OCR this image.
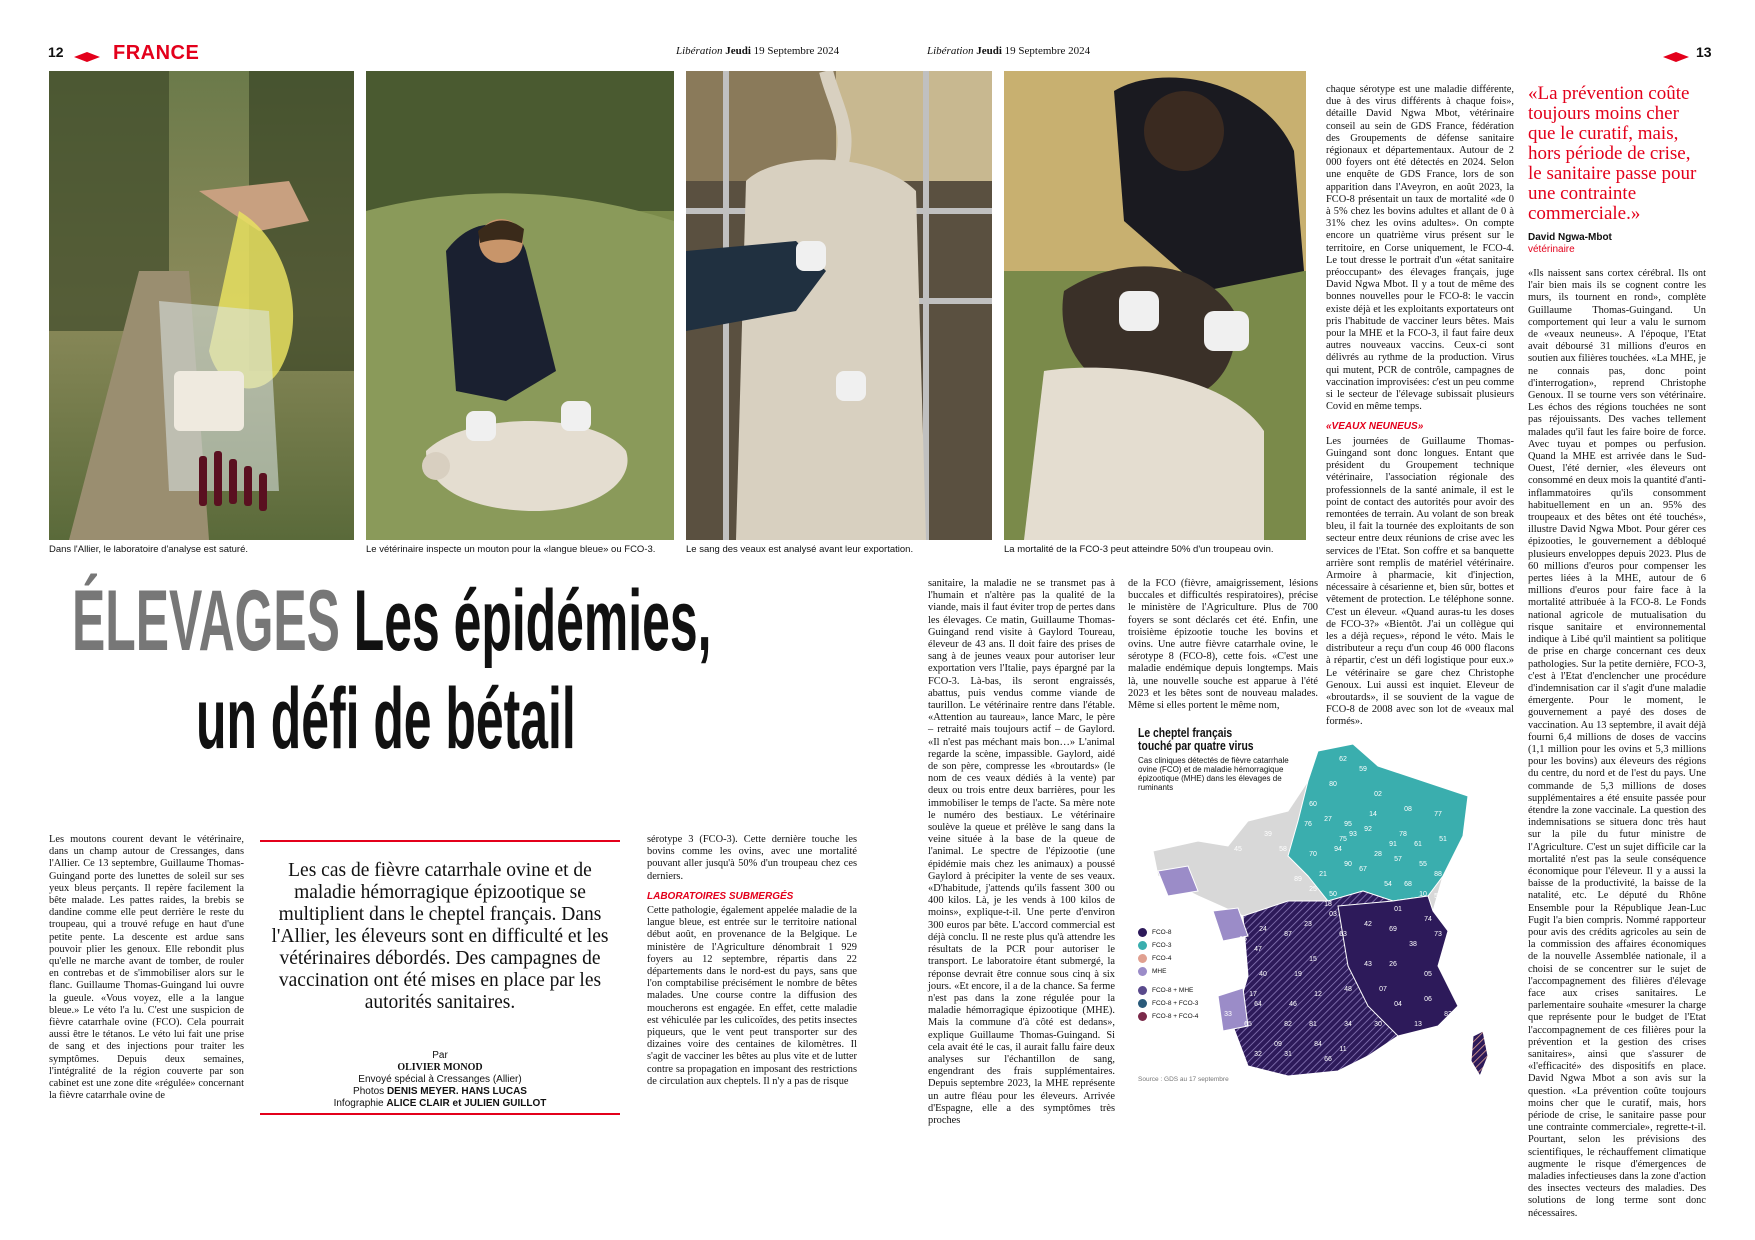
12 FRANCE	Libération Jeudi 19 Septembre 2024	Libération Jeudi 19 Septembre 2024	13
Dans l'Allier, le laboratoire d'analyse est saturé.	Le vétérinaire inspecte un mouton pour la «langue bleue» ou FCO-3.	Le sang des veaux est analysé avant leur exportation.	La mortalité de la FCO-3 peut atteindre 50% d'un troupeau ovin.
ÉLEVAGES Les épidémies,
un défi de bétail
Les cas de fièvre catarrhale ovine et de maladie hémorragique épizootique se multiplient dans le cheptel français. Dans l'Allier, les éleveurs sont en difficulté et les vétérinaires débordés. Des campagnes de vaccination ont été mises en place par les autorités sanitaires.
Par
OLIVIER MONOD
Envoyé spécial à Cressanges (Allier)
Photos DENIS MEYER. HANS LUCAS
Infographie ALICE CLAIR et JULIEN GUILLOT

Les moutons courent devant le vétérinaire, dans un champ autour de Cressanges, dans l'Allier. Ce 13 septembre, Guillaume Thomas-Guingand porte des lunettes de soleil sur ses yeux bleus perçants. Il repère facilement la bête malade. Les pattes raides, la brebis se dandine comme elle peut derrière le reste du troupeau, qui a trouvé refuge en haut d'une petite pente. La descente est ardue sans pouvoir plier les genoux. Elle rebondit plus qu'elle ne marche avant de tomber, de rouler en contrebas et de s'immobiliser alors sur le flanc. Guillaume Thomas-Guingand lui ouvre la gueule. «Vous voyez, elle a la langue bleue.» Le véto l'a lu. C'est une suspicion de fièvre catarrhale ovine (FCO). Cela pourrait aussi être le tétanos. Le véto lui fait une prise de sang et des injections pour traiter les symptômes. Depuis deux semaines, l'intégralité de la région couverte par son cabinet est une zone dite «régulée» concernant la fièvre catarrhale ovine de

sérotype 3 (FCO-3). Cette dernière touche les bovins comme les ovins, avec une mortalité pouvant aller jusqu'à 50% d'un troupeau chez ces derniers.

LABORATOIRES SUBMERGÉS

Cette pathologie, également appelée maladie de la langue bleue, est entrée sur le territoire national début août, en provenance de la Belgique. Le ministère de l'Agriculture dénombrait 1 929 foyers au 12 septembre, répartis dans 22 départements dans le nord-est du pays, sans que l'on comptabilise précisément le nombre de bêtes malades. Une course contre la diffusion des moucherons est engagée. En effet, cette maladie est véhiculée par les culicoïdes, des petits insectes piqueurs, que le vent peut transporter sur des dizaines voire des centaines de kilomètres. Il s'agit de vacciner les bêtes au plus vite et de lutter contre sa propagation en imposant des restrictions de circulation aux cheptels. Il n'y a pas de risque

sanitaire, la maladie ne se transmet pas à l'humain et n'altère pas la qualité de la viande, mais il faut éviter trop de pertes dans les élevages. Ce matin, Guillaume Thomas-Guingand rend visite à Gaylord Toureau, éleveur de 43 ans. Il doit faire des prises de sang à de jeunes veaux pour autoriser leur exportation vers l'Italie, pays épargné par la FCO-3. Là-bas, ils seront engraissés, abattus, puis vendus comme viande de taurillon. Le vétérinaire rentre dans l'étable. «Attention au taureau», lance Marc, le père – retraité mais toujours actif – de Gaylord. «Il n'est pas méchant mais bon…» L'animal regarde la scène, impassible. Gaylord, aidé de son père, compresse les «broutards» (le nom de ces veaux dédiés à la vente) par deux ou trois entre deux barrières, pour les immobiliser le temps de l'acte. Sa mère note le numéro des bestiaux. Le vétérinaire soulève la queue et prélève le sang dans la veine située à la base de la queue de l'animal. Le spectre de l'épizootie (une épidémie mais chez les animaux) a poussé Gaylord à précipiter la vente de ses veaux. «D'habitude, j'attends qu'ils fassent 300 ou 400 kilos. Là, je les vends à 100 kilos de moins», explique-t-il. Une perte d'environ 300 euros par bête. L'accord commercial est déjà conclu. Il ne reste plus qu'à attendre les résultats de la PCR pour autoriser le transport. Le laboratoire étant submergé, la réponse devrait être connue sous cinq à six jours. «Et encore, il a de la chance. Sa ferme n'est pas dans la zone régulée pour la maladie hémorragique épizootique (MHE). Mais la commune d'à côté est dedans», explique Guillaume Thomas-Guingand. Si cela avait été le cas, il aurait fallu faire deux analyses sur l'échantillon de sang, engendrant des frais supplémentaires. Depuis septembre 2023, la MHE représente un autre fléau pour les éleveurs. Arrivée d'Espagne, elle a des symptômes très proches

de la FCO (fièvre, amaigrissement, lésions buccales et difficultés respiratoires), précise le ministère de l'Agriculture. Plus de 700 foyers se sont déclarés cet été. Enfin, une troisième épizootie touche les bovins et ovins. Une autre fièvre catarrhale ovine, le sérotype 8 (FCO-8), cette fois. «C'est une maladie endémique depuis longtemps. Mais là, une nouvelle souche est apparue à l'été 2023 et les bêtes sont de nouveau malades. Même si elles portent le même nom,

chaque sérotype est une maladie différente, due à des virus différents à chaque fois», détaille David Ngwa Mbot, vétérinaire conseil au sein de GDS France, fédération des Groupements de défense sanitaire régionaux et départementaux. Autour de 2 000 foyers ont été détectés en 2024. Selon une enquête de GDS France, lors de son apparition dans l'Aveyron, en août 2023, la FCO-8 présentait un taux de mortalité «de 0 à 5% chez les bovins adultes et allant de 0 à 31% chez les ovins adultes». On compte encore un quatrième virus présent sur le territoire, en Corse uniquement, le FCO-4. Le tout dresse le portrait d'un «état sanitaire préoccupant» des élevages français, juge David Ngwa Mbot. Il y a tout de même des bonnes nouvelles pour le FCO-8: le vaccin existe déjà et les exploitants exportateurs ont pris l'habitude de vacciner leurs bêtes. Mais pour la MHE et la FCO-3, il faut faire deux autres nouveaux vaccins. Ceux-ci sont délivrés au rythme de la production. Virus qui mutent, PCR de contrôle, campagnes de vaccination improvisées: c'est un peu comme si le secteur de l'élevage subissait plusieurs Covid en même temps.

«VEAUX NEUNEUS»

Les journées de Guillaume Thomas-Guingand sont donc longues. Entant que président du Groupement technique vétérinaire, l'association régionale des professionnels de la santé animale, il est le point de contact des autorités pour avoir des remontées de terrain. Au volant de son break bleu, il fait la tournée des exploitants de son secteur entre deux réunions de crise avec les services de l'Etat. Son coffre et sa banquette arrière sont remplis de matériel vétérinaire. Armoire à pharmacie, kit d'injection, nécessaire à césarienne et, bien sûr, bottes et vêtement de protection. Le téléphone sonne. C'est un éleveur. «Quand auras-tu les doses de FCO-3?» «Bientôt. J'ai un collègue qui les a déjà reçues», répond le véto. Mais le distributeur a reçu d'un coup 46 000 flacons à répartir, c'est un défi logistique pour eux.» Le vétérinaire se gare chez Christophe Genoux. Lui aussi est inquiet. Eleveur de «broutards», il se souvient de la vague de FCO-8 de 2008 avec son lot de «veaux mal formés».

«Ils naissent sans cortex cérébral. Ils ont l'air bien mais ils se cognent contre les murs, ils tournent en rond», complète Guillaume Thomas-Guingand. Un comportement qui leur a valu le surnom de «veaux neuneus». A l'époque, l'Etat avait déboursé 31 millions d'euros en soutien aux filières touchées. «La MHE, je ne connais pas, donc point d'interrogation», reprend Christophe Genoux. Il se tourne vers son vétérinaire. Les échos des régions touchées ne sont pas réjouissants. Des vaches tellement malades qu'il faut les faire boire de force. Avec tuyau et pompes ou perfusion. Quand la MHE est arrivée dans le Sud-Ouest, l'été dernier, «les éleveurs ont consommé en deux mois la quantité d'anti-inflammatoires qu'ils consomment habituellement en un an. 95% des troupeaux et des bêtes ont été touchés», illustre David Ngwa Mbot. Pour gérer ces épizooties, le gouvernement a débloqué plusieurs enveloppes depuis 2023. Plus de 60 millions d'euros pour compenser les pertes liées à la MHE, autour de 6 millions d'euros pour faire face à la mortalité attribuée à la FCO-8. Le Fonds national agricole de mutualisation du risque sanitaire et environnemental indique à Libé qu'il maintient sa politique de prise en charge concernant ces deux pathologies. Sur la petite dernière, FCO-3, c'est à l'Etat d'enclencher une procédure d'indemnisation car il s'agit d'une maladie émergente. Pour le moment, le gouvernement a payé des doses de vaccination. Au 13 septembre, il avait déjà fourni 6,4 millions de doses de vaccins (1,1 million pour les ovins et 5,3 millions pour les bovins) aux éleveurs des régions du centre, du nord et de l'est du pays. Une commande de 5,3 millions de doses supplémentaires a été ensuite passée pour étendre la zone vaccinale. La question des indemnisations se situera donc très haut sur la pile du futur ministre de l'Agriculture. C'est un sujet difficile car la mortalité n'est pas la seule conséquence économique pour l'éleveur. Il y a aussi la baisse de la productivité, la baisse de la natalité, etc. Le député du Rhône Ensemble pour la République Jean-Luc Fugit l'a bien compris. Nommé rapporteur pour avis des crédits agricoles au sein de la commission des affaires économiques de la nouvelle Assemblée nationale, il a choisi de se concentrer sur le sujet de l'accompagnement des filières d'élevage face aux crises sanitaires. Le parlementaire souhaite «mesurer la charge que représente pour le budget de l'Etat l'accompagnement de ces filières pour la prévention et la gestion des crises sanitaires», ainsi que s'assurer de «l'efficacité» des dispositifs en place. David Ngwa Mbot a son avis sur la question. «La prévention coûte toujours moins cher que le curatif, mais, hors période de crise, le sanitaire passe pour une contrainte commerciale», regrette-t-il. Pourtant, selon les prévisions des scientifiques, le réchauffement climatique augmente le risque d'émergences de maladies infectieuses dans la zone d'action des insectes vecteurs des maladies. Des solutions de long terme sont donc nécessaires.

«La prévention coûte toujours moins cher que le curatif, mais, hors période de crise, le sanitaire passe pour une contrainte commerciale.»
David Ngwa-Mbot
vétérinaire
Le cheptel français
touché par quatre virus
Cas cliniques détectés de fièvre catarrhale ovine (FCO) et de maladie hémorragique épizootique (MHE) dans les élevages de ruminants
62
59
80
02
08
60
76
27
95
93
75
94
92
78
77
51
55
57
54
67
68
88
52
10
89
21
70
90
25
39
58
45
28
91
14
61
50
18
23
87	63
42
69
43
48	07
26
05
38
73
74
01
03
15
19
12
46
82 81	34	30	13
83
06
04
84
11
66
09
31
32
65
64
40
47
24
16
86
79
17
33
FCO-8
FCO-3
FCO-4
MHE
FCO-8 + MHE
FCO-8 + FCO-3
FCO-8 + FCO-4
Source : GDS au 17 septembre
